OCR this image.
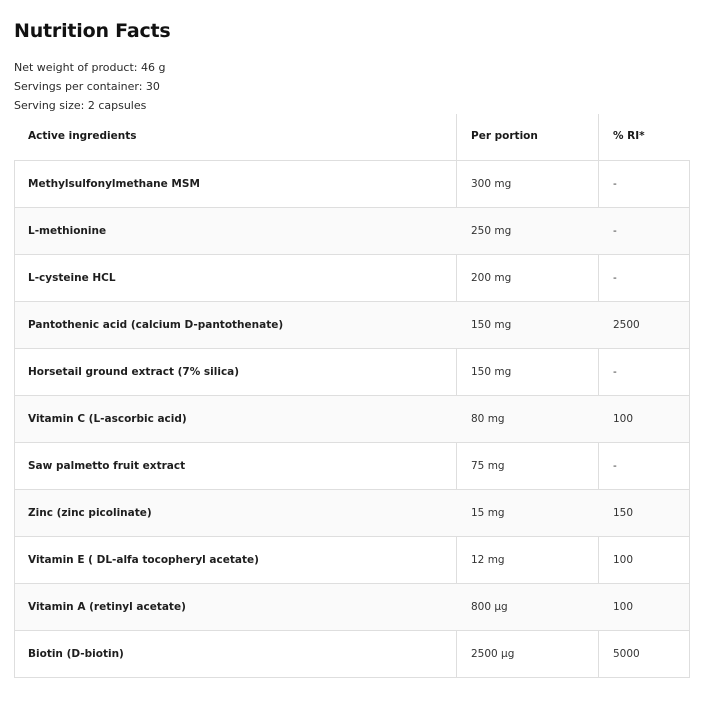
Nutrition Facts
Net weight of product: 46 g
Servings per container: 30
Serving size: 2 capsules
Active ingredients	Per portion	% RI*
Methylsulfonylmethane MSM	300 mg	-
L-methionine	250 mg	-
L-cysteine HCL	200 mg	-
Pantothenic acid (calcium D-pantothenate)	150 mg	2500
Horsetail ground extract (7% silica)	150 mg	-
Vitamin C (L-ascorbic acid)	80 mg	100
Saw palmetto fruit extract	75 mg	-
Zinc (zinc picolinate)	15 mg	150
Vitamin E ( DL-alfa tocopheryl acetate)	12 mg	100
Vitamin A (retinyl acetate)	800 µg	100
Biotin (D-biotin)	2500 µg	5000
